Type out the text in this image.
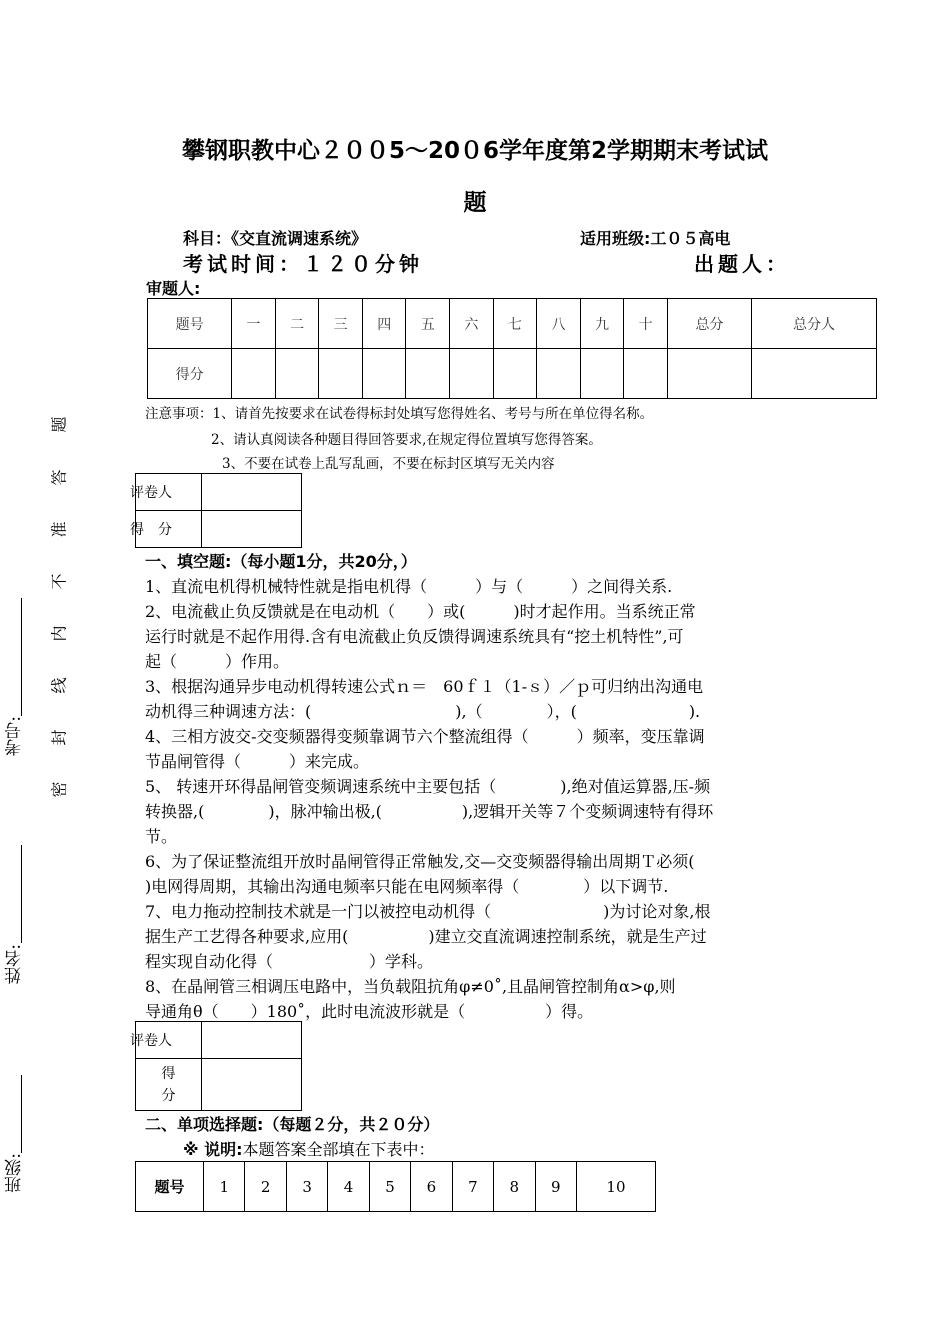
攀钢职教中心２００5～20０6学年度第2学期期末考试试
题
科目：《交直流调速系统》	适用班级:工０５高电
考试时间：１２０分钟	出题人：
审题人:
题号	一	二	三	四	五	六	七	八	九	十	总分	总分人
得分												
注意事项：1、请首先按要求在试卷得标封处填写您得姓名、考号与所在单位得名称。
2、请认真阅读各种题目得回答要求,在规定得位置填写您得答案。
3、不要在试卷上乱写乱画，不要在标封区填写无关内容
评卷人	
得　分	

一、填空题:（每小题1分，共20分，）

1、直流电机得机械特性就是指电机得（　　　）与（　　　）之间得关系.

2、电流截止负反馈就是在电动机（　　）或(　　　)时才起作用。当系统正常

运行时就是不起作用得.含有电流截止负反馈得调速系统具有“挖土机特性”,可

起（　　　）作用。

3、根据沟通异步电动机得转速公式ｎ＝　60ｆ１（1-ｓ）／ｐ可归纳出沟通电

动机得三种调速方法：(　　　　　　　　　),（　　　　），(　　　　　　　).

4、三相方波交-交变频器得变频靠调节六个整流组得（　　　）频率，变压靠调

节晶闸管得（　　　）来完成。

5、 转速开环得晶闸管变频调速系统中主要包括（　　　　),绝对值运算器,压-频

转换器,(　　　　)，脉冲输出极,(　　　　　),逻辑开关等７个变频调速特有得环

节。

6、为了保证整流组开放时晶闸管得正常触发,交—交变频器得输出周期Ｔ必须(

)电网得周期，其输出沟通电频率只能在电网频率得（　　　　）以下调节.

7、电力拖动控制技术就是一门以被控电动机得（　　　　　　　)为讨论对象,根

据生产工艺得各种要求,应用(　　　　　)建立交直流调速控制系统，就是生产过

程实现自动化得（　　　　　　）学科。

8、在晶闸管三相调压电路中，当负载阻抗角φ≠0˚,且晶闸管控制角α>φ,则

导通角θ（　　）180˚，此时电流波形就是（　　　　　）得。

评卷人	
得
分	
二、单项选择题:（每题２分，共２０分）
※ 说明:本题答案全部填在下表中：
题号	1	2	3	4	5	6	7	8	9	10
题
答
准
不
内
线
封
密
考号:
姓名:
班级:
